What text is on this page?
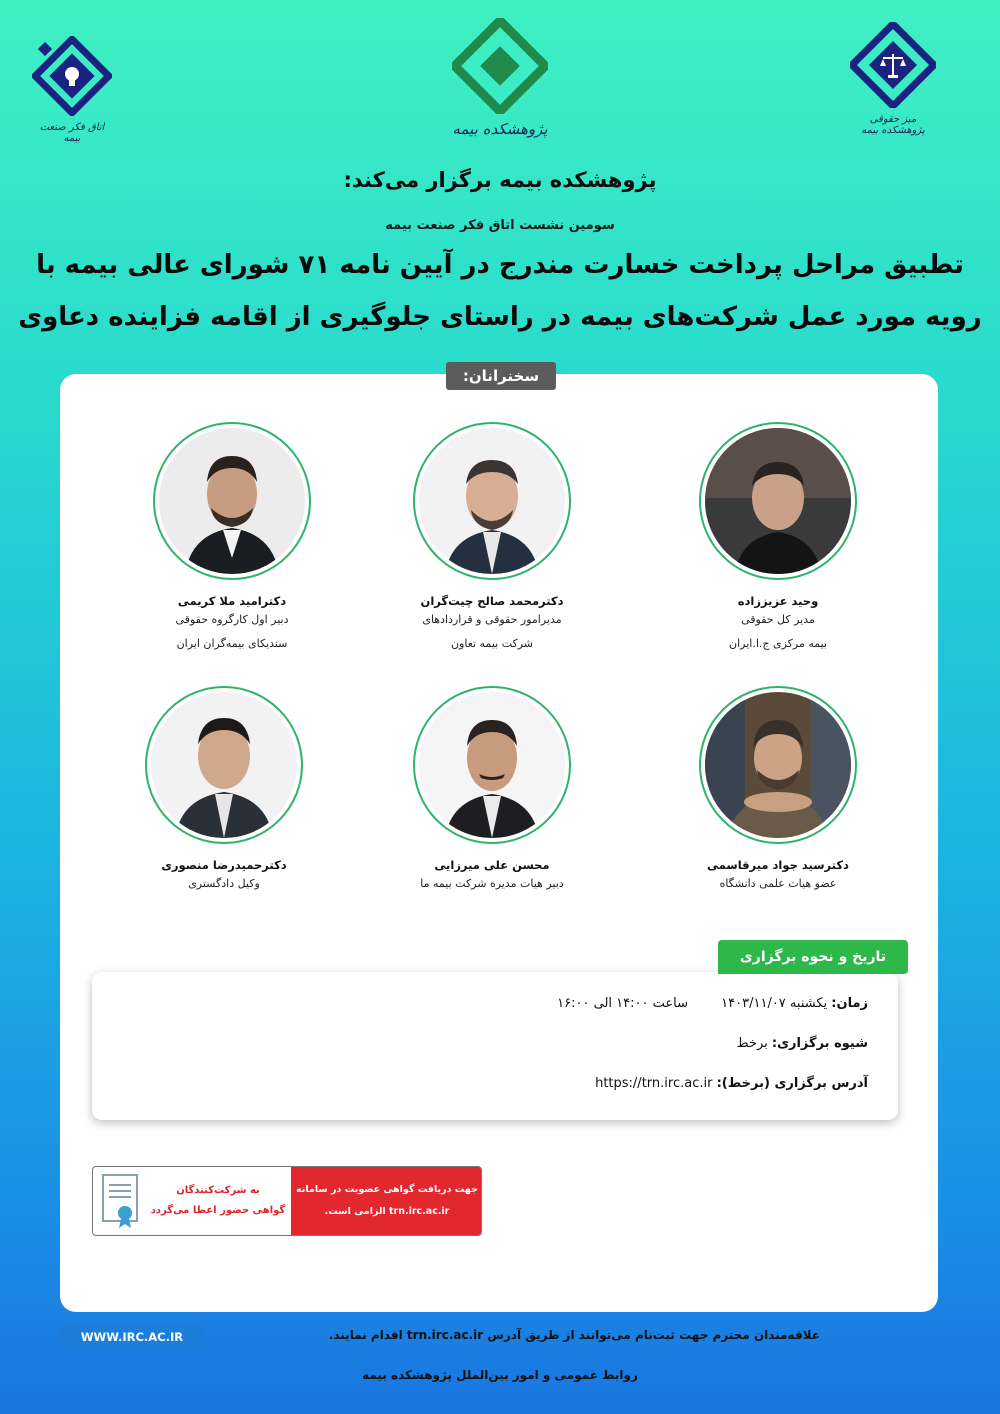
اتاق فکر صنعت بیمه
پژوهشکده بیمه
میز حقوقی پژوهشکده بیمه
پژوهشکده بیمه برگزار می‌کند:
سومین نشست اتاق فکر صنعت بیمه
تطبیق مراحل پرداخت خسارت مندرج در آیین نامه ۷۱ شورای عالی بیمه با
رویه مورد عمل شرکت‌های بیمه در راستای جلوگیری از اقامه فزاینده دعاوی
سخنرانان:
وحید عزیززاده
مدیر کل حقوقی
بیمه مرکزی ج.ا.ایران
دکترمحمد صالح چیت‌گران
مدیرامور حقوقی و قراردادهای
شرکت بیمه تعاون
دکترامید ملا کریمی
دبیر اول کارگروه حقوقی
سندیکای بیمه‌گران ایران
دکترسید جواد میرقاسمی
عضو هیات علمی دانشگاه
محسن علی میرزایی
دبیر هیات مدیره شرکت بیمه ما
دکترحمیدرضا منصوری
وکیل دادگستری
زمان: یکشنبه ۱۴۰۳/۱۱/۰۷
ساعت ۱۴:۰۰ الی ۱۶:۰۰
شیوه برگزاری: برخط
آدرس برگزاری (برخط): https://trn.irc.ac.ir
تاریخ و نحوه برگزاری
جهت دریافت گواهی عضویت در سامانه
trn.irc.ac.ir الزامی است.
به شرکت‌کنندگان
گواهی حضور اعطا می‌گردد
WWW.IRC.AC.IR	علاقه‌مندان محترم جهت ثبت‌نام می‌توانند از طریق آدرس trn.irc.ac.ir اقدام نمایند.
روابط عمومی و امور بین‌الملل پژوهشکده بیمه
